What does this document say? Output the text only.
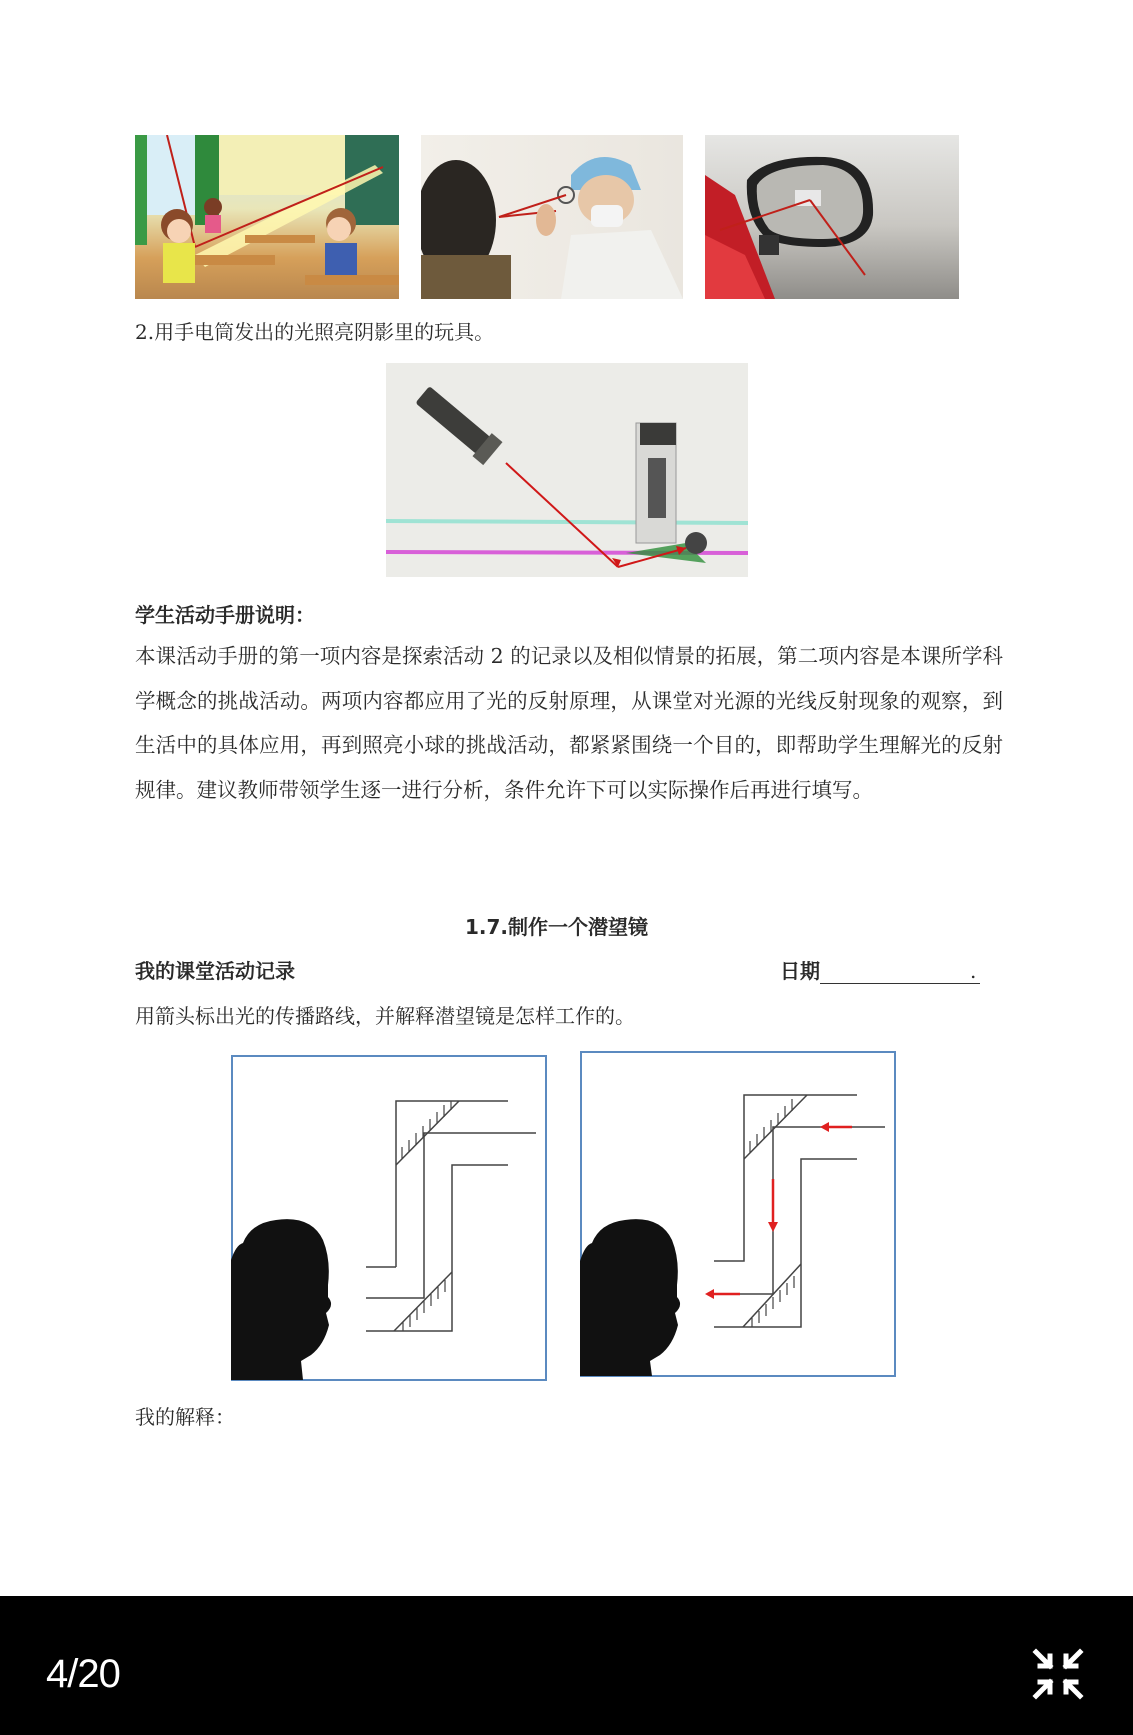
2.用手电筒发出的光照亮阴影里的玩具。
学生活动手册说明：
本课活动手册的第一项内容是探索活动 2 的记录以及相似情景的拓展，第二项内容是本课所学科学概念的挑战活动。两项内容都应用了光的反射原理，从课堂对光源的光线反射现象的观察，到生活中的具体应用，再到照亮小球的挑战活动，都紧紧围绕一个目的，即帮助学生理解光的反射规律。建议教师带领学生逐一进行分析，条件允许下可以实际操作后再进行填写。
1.7.制作一个潜望镜
我的课堂活动记录	日期	.
用箭头标出光的传播路线，并解释潜望镜是怎样工作的。
我的解释：
4/20
